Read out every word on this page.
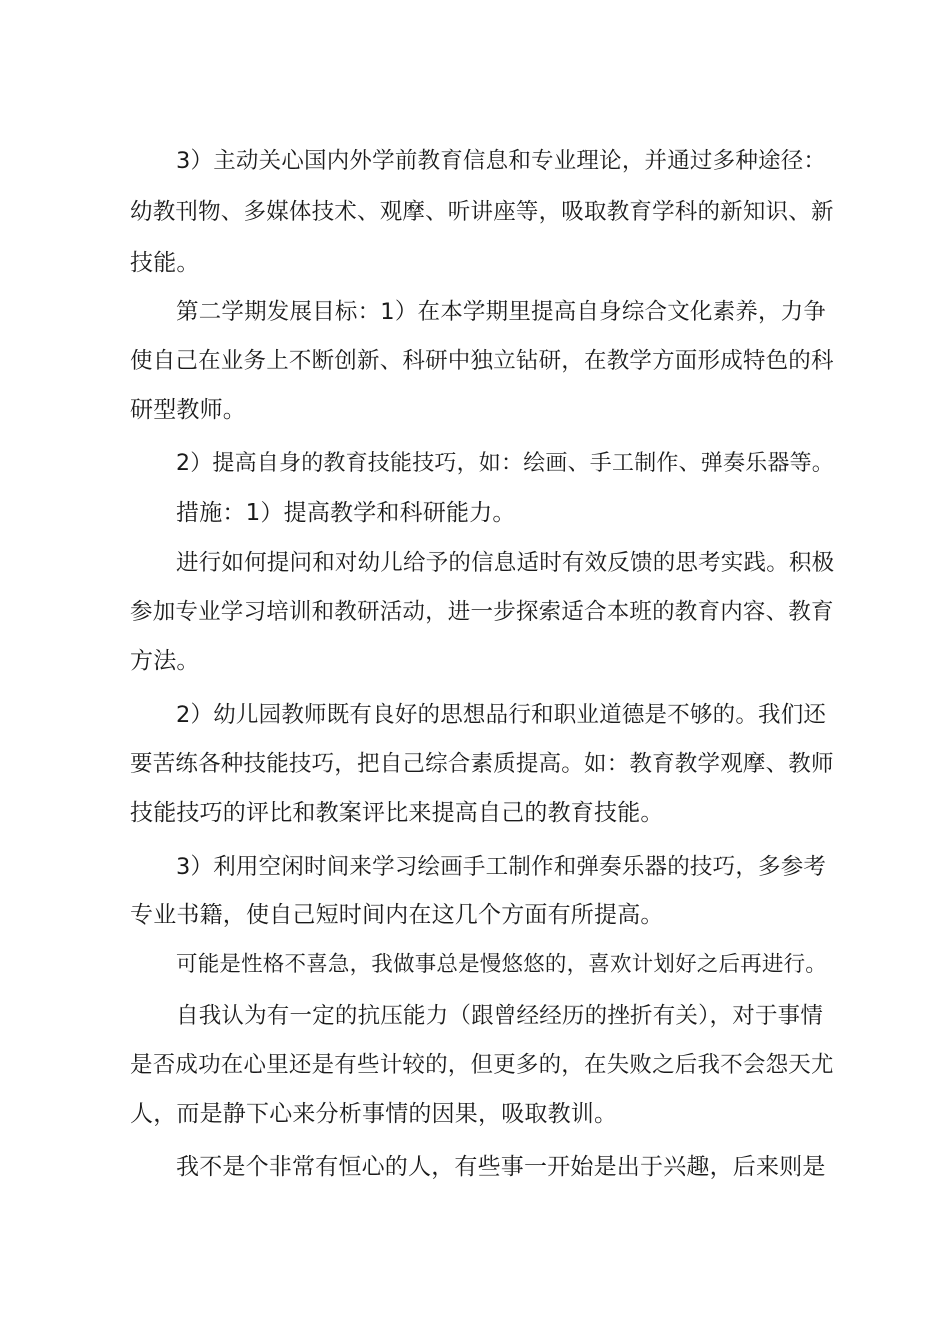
3）主动关心国内外学前教育信息和专业理论，并通过多种途径：
幼教刊物、多媒体技术、观摩、听讲座等，吸取教育学科的新知识、新
技能。
第二学期发展目标：1）在本学期里提高自身综合文化素养，力争
使自己在业务上不断创新、科研中独立钻研，在教学方面形成特色的科
研型教师。
2）提高自身的教育技能技巧，如：绘画、手工制作、弹奏乐器等。
措施：1）提高教学和科研能力。
进行如何提问和对幼儿给予的信息适时有效反馈的思考实践。积极
参加专业学习培训和教研活动，进一步探索适合本班的教育内容、教育
方法。
2）幼儿园教师既有良好的思想品行和职业道德是不够的。我们还
要苦练各种技能技巧，把自己综合素质提高。如：教育教学观摩、教师
技能技巧的评比和教案评比来提高自己的教育技能。
3）利用空闲时间来学习绘画手工制作和弹奏乐器的技巧，多参考
专业书籍，使自己短时间内在这几个方面有所提高。
可能是性格不喜急，我做事总是慢悠悠的，喜欢计划好之后再进行。
自我认为有一定的抗压能力（跟曾经经历的挫折有关），对于事情
是否成功在心里还是有些计较的，但更多的，在失败之后我不会怨天尤
人，而是静下心来分析事情的因果，吸取教训。
我不是个非常有恒心的人，有些事一开始是出于兴趣，后来则是
